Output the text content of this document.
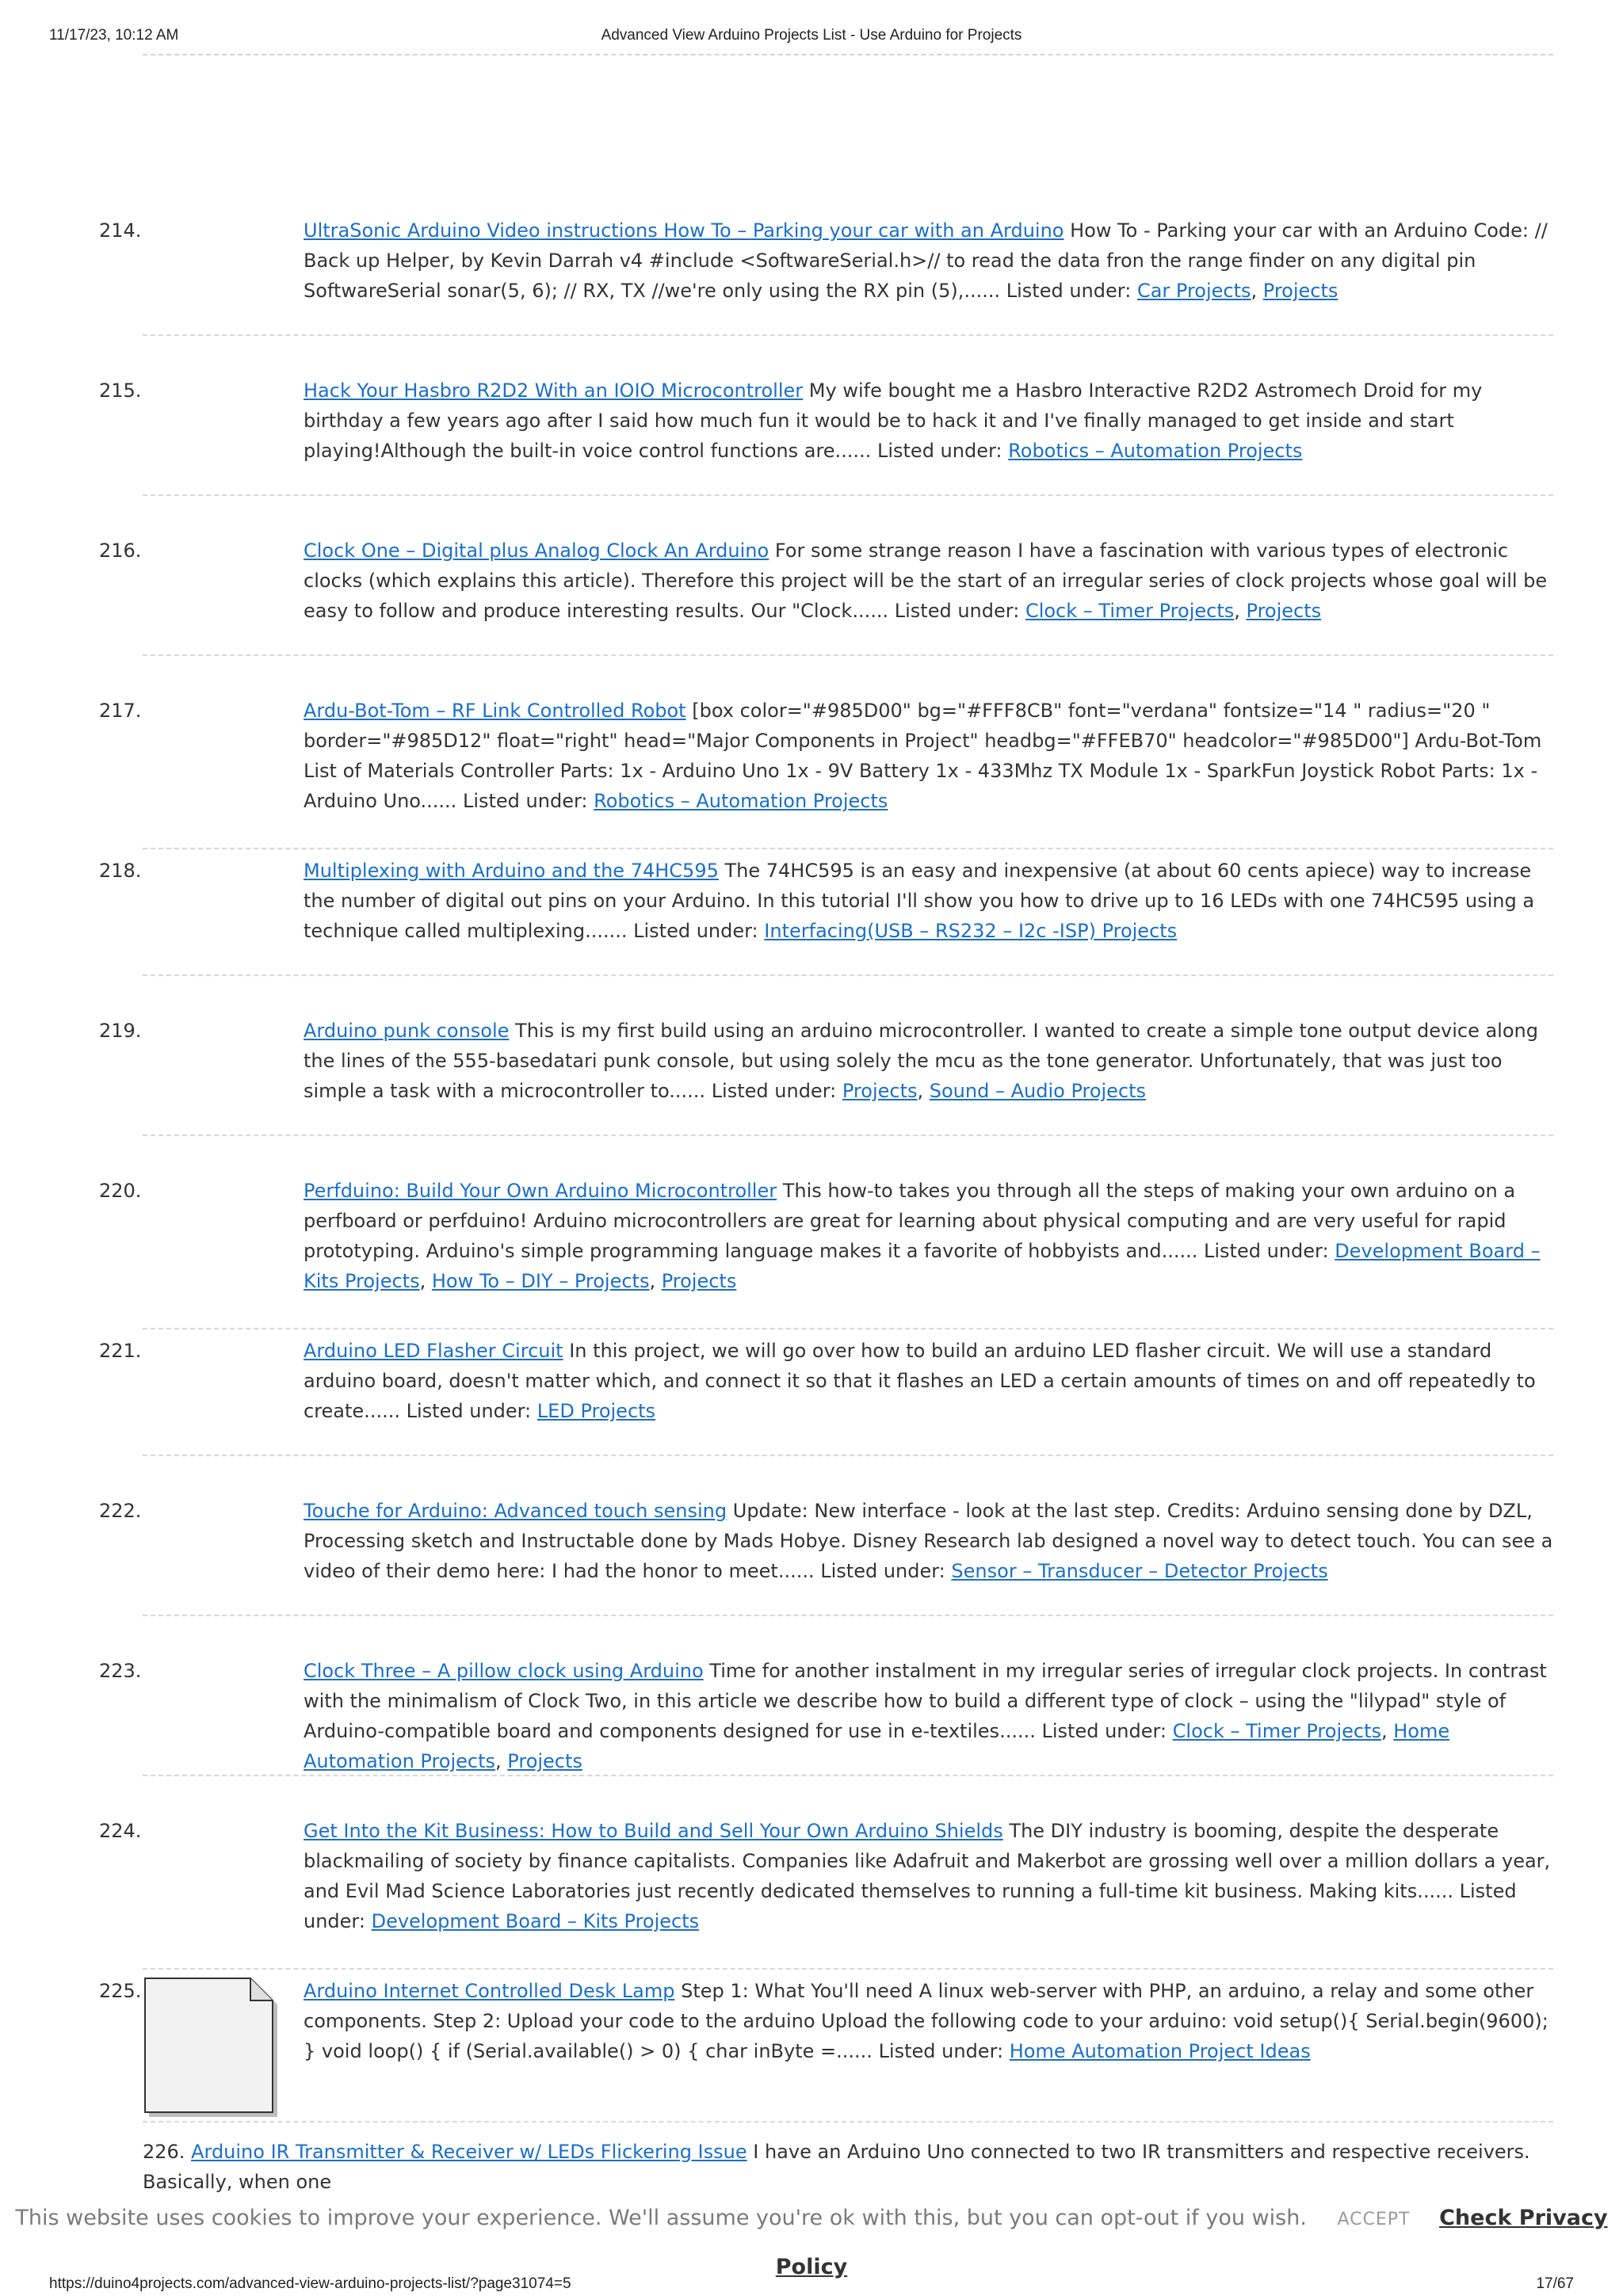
11/17/23, 10:12 AM	Advanced View Arduino Projects List - Use Arduino for Projects
214.	UltraSonic Arduino Video instructions How To – Parking your car with an Arduino How To - Parking your car with an Arduino Code: // Back up Helper, by Kevin Darrah v4 #include <SoftwareSerial.h>// to read the data fron the range finder on any digital pin SoftwareSerial sonar(5, 6); // RX, TX //we're only using the RX pin (5),...... Listed under: Car Projects, Projects
215.	Hack Your Hasbro R2D2 With an IOIO Microcontroller My wife bought me a Hasbro Interactive R2D2 Astromech Droid for my birthday a few years ago after I said how much fun it would be to hack it and I've finally managed to get inside and start playing!Although the built-in voice control functions are...... Listed under: Robotics – Automation Projects
216.	Clock One – Digital plus Analog Clock An Arduino For some strange reason I have a fascination with various types of electronic clocks (which explains this article). Therefore this project will be the start of an irregular series of clock projects whose goal will be easy to follow and produce interesting results. Our "Clock...... Listed under: Clock – Timer Projects, Projects
217.	Ardu-Bot-Tom – RF Link Controlled Robot [box color="#985D00" bg="#FFF8CB" font="verdana" fontsize="14 " radius="20 " border="#985D12" float="right" head="Major Components in Project" headbg="#FFEB70" headcolor="#985D00"] Ardu-Bot-Tom List of Materials Controller Parts: 1x - Arduino Uno 1x - 9V Battery 1x - 433Mhz TX Module 1x - SparkFun Joystick Robot Parts: 1x - Arduino Uno...... Listed under: Robotics – Automation Projects
218.	Multiplexing with Arduino and the 74HC595 The 74HC595 is an easy and inexpensive (at about 60 cents apiece) way to increase the number of digital out pins on your Arduino. In this tutorial I'll show you how to drive up to 16 LEDs with one 74HC595 using a technique called multiplexing....... Listed under: Interfacing(USB – RS232 – I2c -ISP) Projects
219.	Arduino punk console This is my first build using an arduino microcontroller. I wanted to create a simple tone output device along the lines of the 555-basedatari punk console, but using solely the mcu as the tone generator. Unfortunately, that was just too simple a task with a microcontroller to...... Listed under: Projects, Sound – Audio Projects
220.	Perfduino: Build Your Own Arduino Microcontroller This how-to takes you through all the steps of making your own arduino on a perfboard or perfduino! Arduino microcontrollers are great for learning about physical computing and are very useful for rapid prototyping. Arduino's simple programming language makes it a favorite of hobbyists and...... Listed under: Development Board – Kits Projects, How To – DIY – Projects, Projects
221.	Arduino LED Flasher Circuit In this project, we will go over how to build an arduino LED flasher circuit. We will use a standard arduino board, doesn't matter which, and connect it so that it flashes an LED a certain amounts of times on and off repeatedly to create...... Listed under: LED Projects
222.	Touche for Arduino: Advanced touch sensing Update: New interface - look at the last step. Credits: Arduino sensing done by DZL, Processing sketch and Instructable done by Mads Hobye. Disney Research lab designed a novel way to detect touch. You can see a video of their demo here: I had the honor to meet...... Listed under: Sensor – Transducer – Detector Projects
223.	Clock Three – A pillow clock using Arduino Time for another instalment in my irregular series of irregular clock projects. In contrast with the minimalism of Clock Two, in this article we describe how to build a different type of clock – using the "lilypad" style of Arduino-compatible board and components designed for use in e-textiles...... Listed under: Clock – Timer Projects, Home Automation Projects, Projects
224.	Get Into the Kit Business: How to Build and Sell Your Own Arduino Shields The DIY industry is booming, despite the desperate blackmailing of society by finance capitalists. Companies like Adafruit and Makerbot are grossing well over a million dollars a year, and Evil Mad Science Laboratories just recently dedicated themselves to running a full-time kit business. Making kits...... Listed under: Development Board – Kits Projects
225.	Arduino Internet Controlled Desk Lamp Step 1: What You'll need A linux web-server with PHP, an arduino, a relay and some other components. Step 2: Upload your code to the arduino Upload the following code to your arduino: void setup(){ Serial.begin(9600); } void loop() { if (Serial.available() > 0) { char inByte =...... Listed under: Home Automation Project Ideas
226. Arduino IR Transmitter & Receiver w/ LEDs Flickering Issue I have an Arduino Uno connected to two IR transmitters and respective receivers. Basically, when one
This website uses cookies to improve your experience. We'll assume you're ok with this, but you can opt-out if you wish. ACCEPT Check Privacy Policy
https://duino4projects.com/advanced-view-arduino-projects-list/?page31074=5	17/67
